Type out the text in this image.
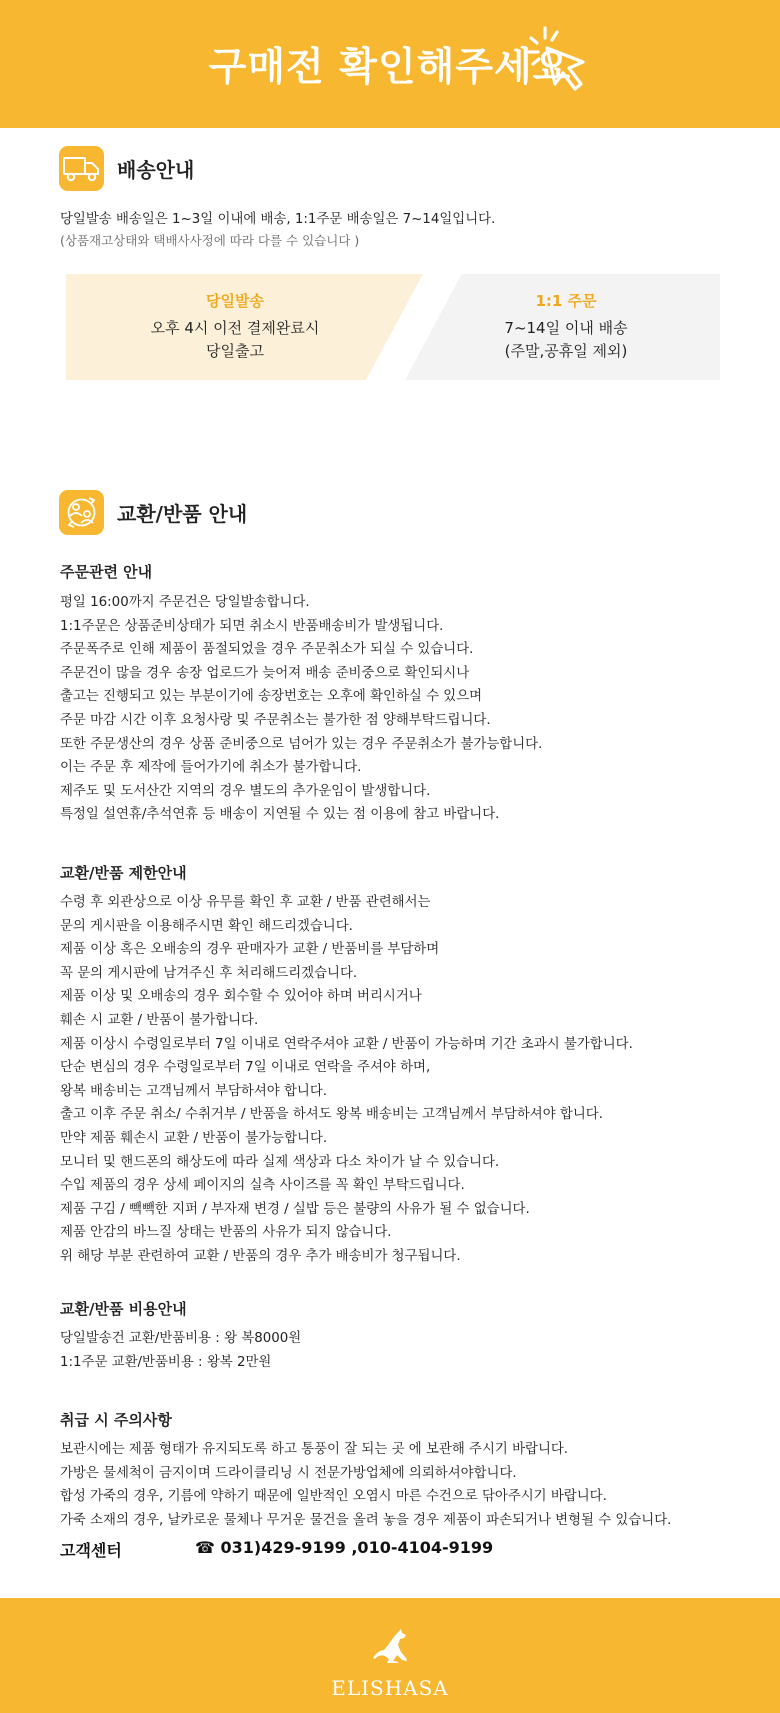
구매전 확인해주세요
배송안내
당일발송 배송일은 1~3일 이내에 배송, 1:1주문 배송일은 7~14일입니다.
(상품재고상태와 택배사사정에 따라 다를 수 있습니다 )
당일발송
오후 4시 이전 결제완료시
당일출고
1:1 주문
7~14일 이내 배송
(주말,공휴일 제외)
교환/반품 안내
주문관련 안내
평일 16:00까지 주문건은 당일발송합니다.
1:1주문은 상품준비상태가 되면 취소시 반품배송비가 발생됩니다.
주문폭주로 인해 제품이 품절되었을 경우 주문취소가 되실 수 있습니다.
주문건이 많을 경우 송장 업로드가 늦어져 배송 준비중으로 확인되시나
출고는 진행되고 있는 부분이기에 송장번호는 오후에 확인하실 수 있으며
주문 마감 시간 이후 요청사랑 및 주문취소는 불가한 점 양해부탁드립니다.
또한 주문생산의 경우 상품 준비중으로 넘어가 있는 경우 주문취소가 불가능합니다.
이는 주문 후 제작에 들어가기에 취소가 불가합니다.
제주도 및 도서산간 지역의 경우 별도의 추가운임이 발생합니다.
특정일 설연휴/추석연휴 등 배송이 지연될 수 있는 점 이용에 참고 바랍니다.
교환/반품 제한안내
수령 후 외관상으로 이상 유무를 확인 후 교환 / 반품 관련해서는
문의 게시판을 이용해주시면 확인 해드리겠습니다.
제품 이상 혹은 오배송의 경우 판매자가 교환 / 반품비를 부담하며
꼭 문의 게시판에 남겨주신 후 처리해드리겠습니다.
제품 이상 및 오배송의 경우 회수할 수 있어야 하며 버리시거나
훼손 시 교환 / 반품이 불가합니다.
제품 이상시 수령일로부터 7일 이내로 연락주셔야 교환 / 반품이 가능하며 기간 초과시 불가합니다.
단순 변심의 경우 수령일로부터 7일 이내로 연락을 주셔야 하며,
왕복 배송비는 고객님께서 부담하셔야 합니다.
출고 이후 주문 취소/ 수취거부 / 반품을 하셔도 왕복 배송비는 고객님께서 부담하셔야 합니다.
만약 제품 훼손시 교환 / 반품이 불가능합니다.
모니터 및 핸드폰의 해상도에 따라 실제 색상과 다소 차이가 날 수 있습니다.
수입 제품의 경우 상세 페이지의 실측 사이즈를 꼭 확인 부탁드립니다.
제품 구김 / 빽빽한 지퍼 / 부자재 변경 / 실밥 등은 불량의 사유가 될 수 없습니다.
제품 안감의 바느질 상태는 반품의 사유가 되지 않습니다.
위 해당 부분 관련하여 교환 / 반품의 경우 추가 배송비가 청구됩니다.
교환/반품 비용안내
당일발송건 교환/반품비용 : 왕 복8000원
1:1주문 교환/반품비용 : 왕복 2만원
취급 시 주의사항
보관시에는 제품 형태가 유지되도록 하고 통풍이 잘 되는 곳 에 보관해 주시기 바랍니다.
가방은 물세척이 금지이며 드라이클리닝 시 전문가방업체에 의뢰하셔야합니다.
합성 가죽의 경우, 기름에 약하기 때문에 일반적인 오염시 마른 수건으로 닦아주시기 바랍니다.
가죽 소재의 경우, 날카로운 물체나 무거운 물건을 올려 놓을 경우 제품이 파손되거나 변형될 수 있습니다.
고객센터	☎ 031)429-9199 ,010-4104-9199
ELISHASA
